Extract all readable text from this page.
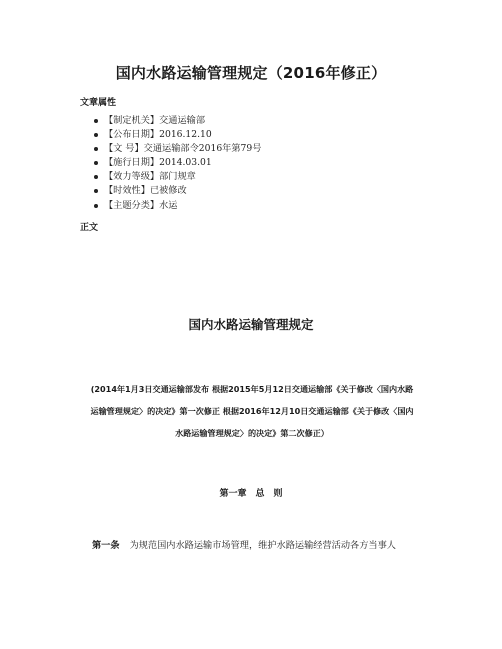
国内水路运输管理规定（2016年修正）
文章属性
【制定机关】交通运输部
【公布日期】2016.12.10
【文 号】交通运输部令2016年第79号
【施行日期】2014.03.01
【效力等级】部门规章
【时效性】已被修改
【主题分类】水运
正文
国内水路运输管理规定
(2014年1月3日交通运输部发布 根据2015年5月12日交通运输部《关于修改〈国内水路
运输管理规定〉的决定》第一次修正 根据2016年12月10日交通运输部《关于修改〈国内
水路运输管理规定〉的决定》第二次修正）
第一章　总　则
第一条 为规范国内水路运输市场管理，维护水路运输经营活动各方当事人
